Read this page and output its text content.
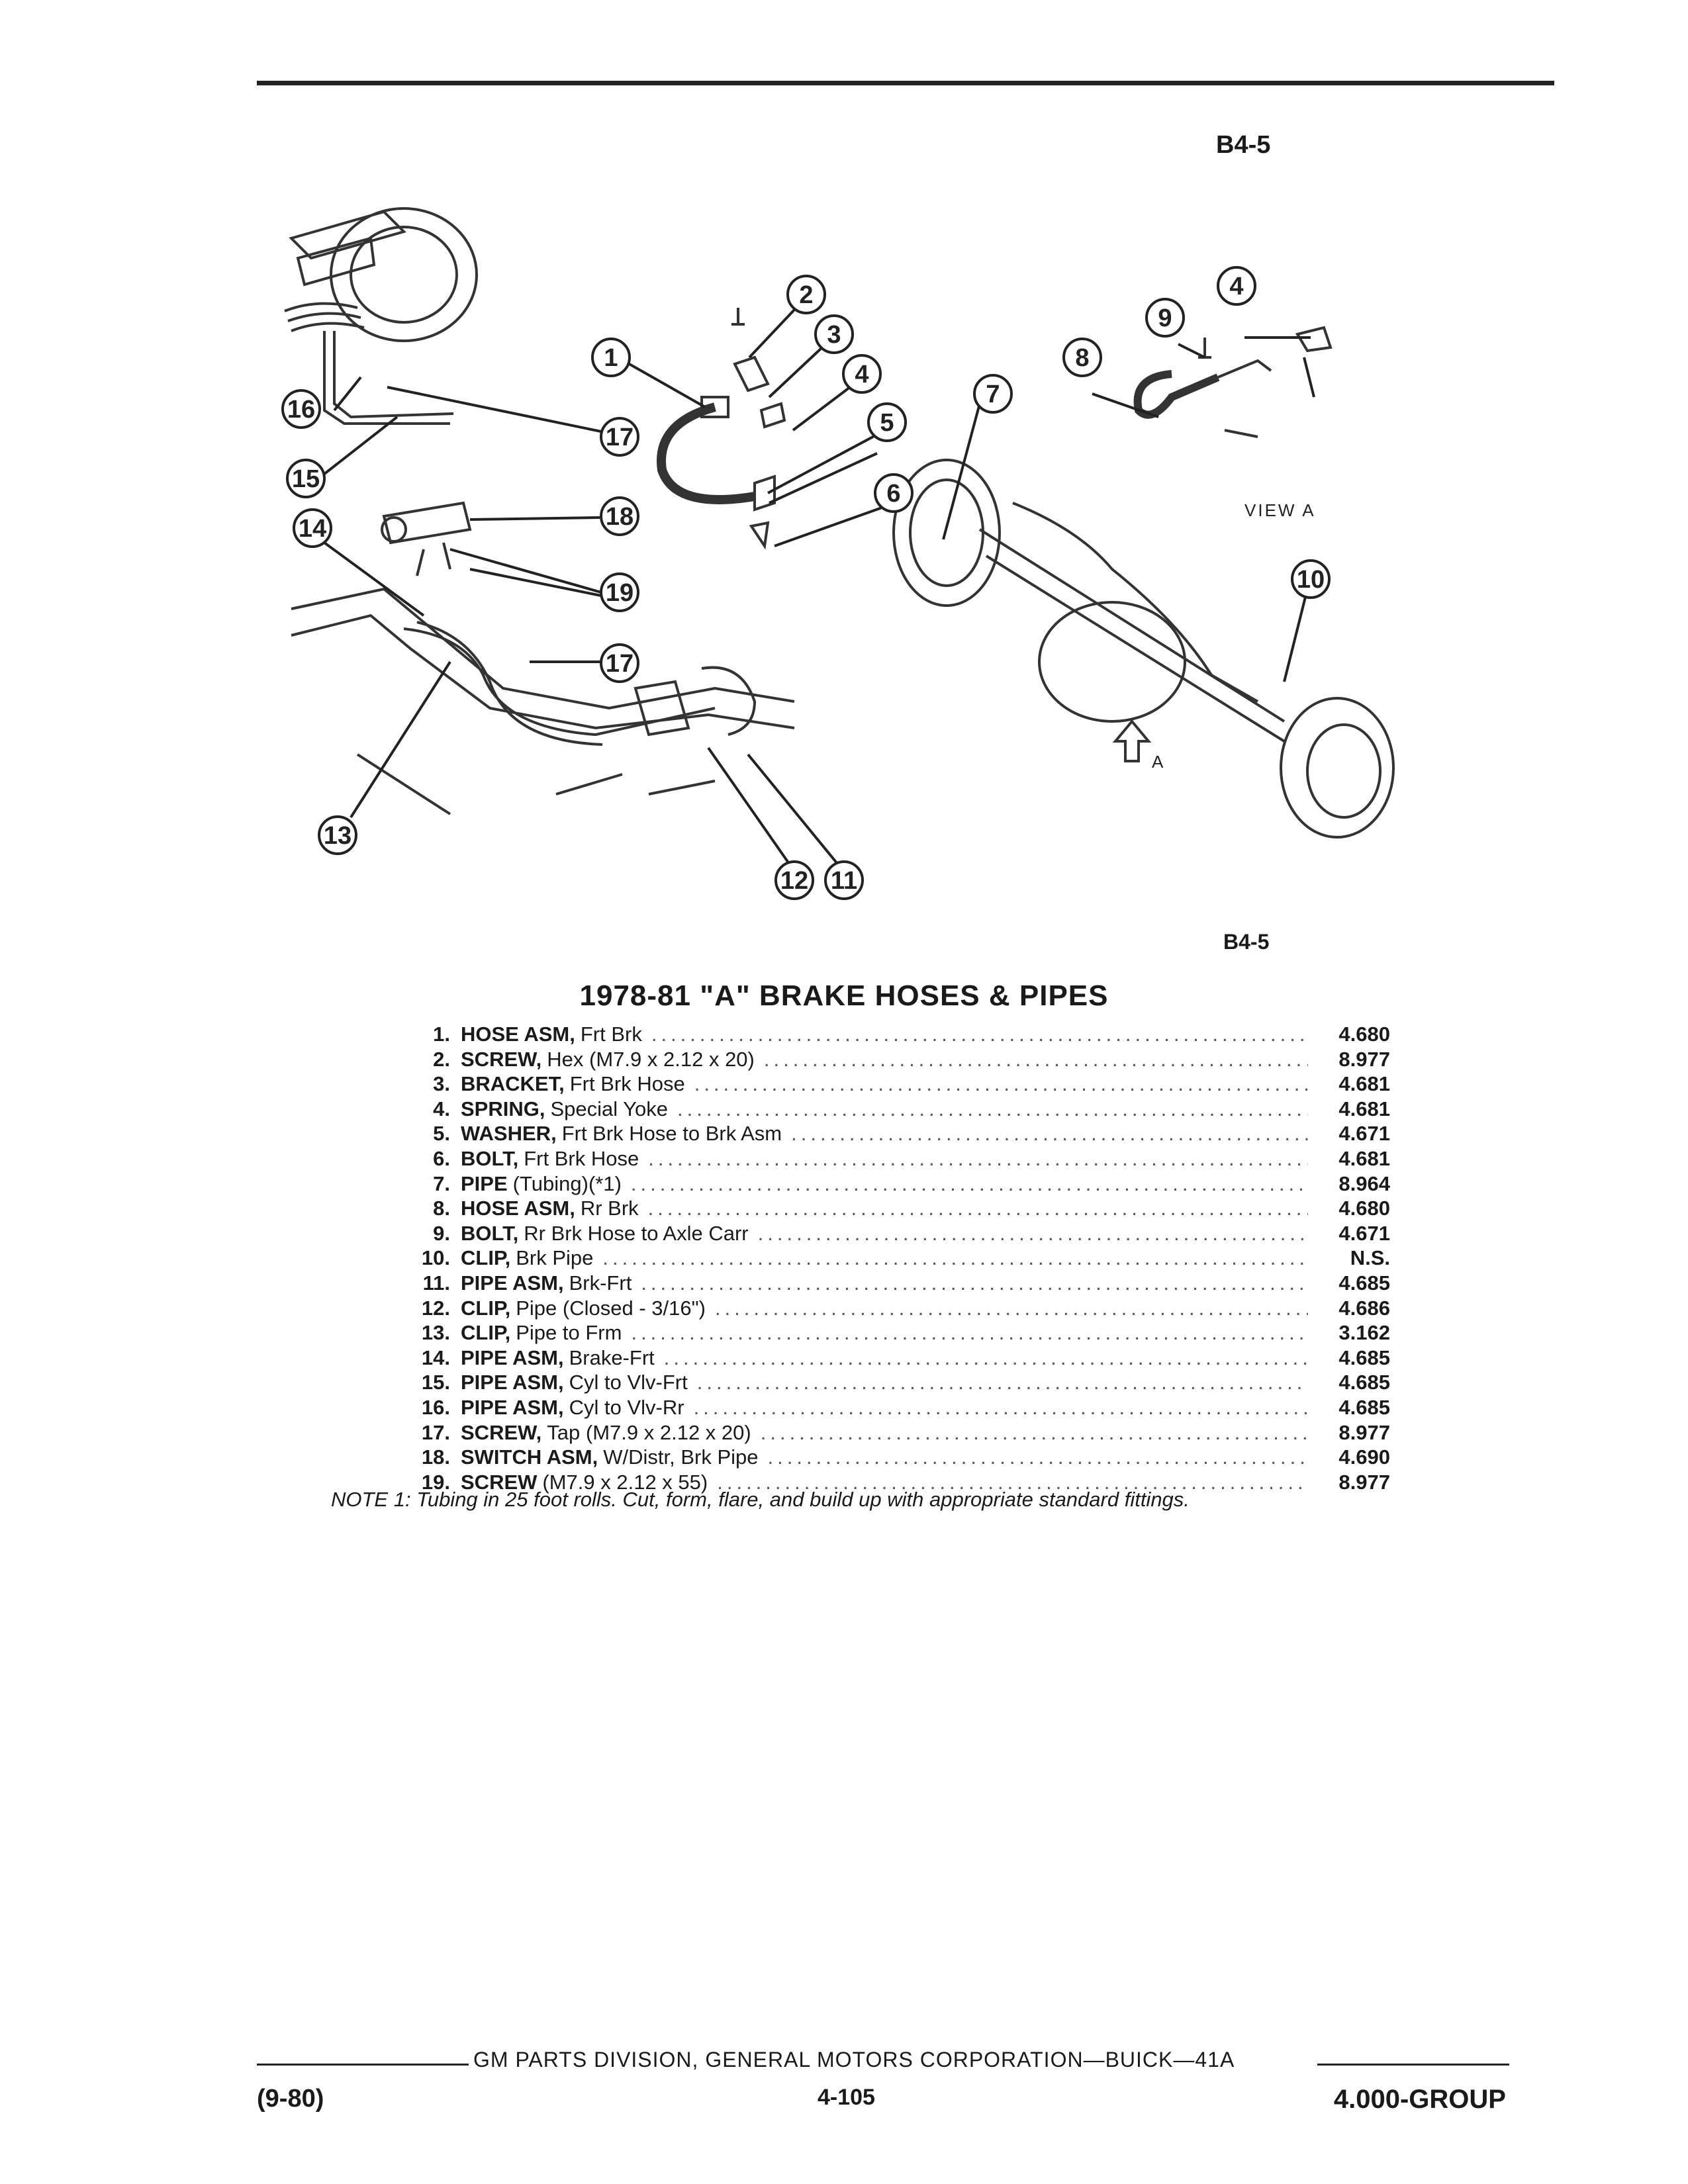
B4-5
VIEW A
A
1
2
3
4
5
6
7
8
9
4
10
11
12
13
14
15
16
17
18
19
17
B4-5
1978-81 "A" BRAKE HOSES & PIPES
1. HOSE ASM, Frt Brk .....	4.680
2. SCREW, Hex (M7.9 x 2.12 x 20) .....	8.977
3. BRACKET, Frt Brk Hose .....	4.681
4. SPRING, Special Yoke .....	4.681
5. WASHER, Frt Brk Hose to Brk Asm .....	4.671
6. BOLT, Frt Brk Hose .....	4.681
7. PIPE (Tubing)(*1) .....	8.964
8. HOSE ASM, Rr Brk .....	4.680
9. BOLT, Rr Brk Hose to Axle Carr .....	4.671
10. CLIP, Brk Pipe .....	N.S.
11. PIPE ASM, Brk-Frt .....	4.685
12. CLIP, Pipe (Closed - 3/16") .....	4.686
13. CLIP, Pipe to Frm .....	3.162
14. PIPE ASM, Brake-Frt .....	4.685
15. PIPE ASM, Cyl to Vlv-Frt .....	4.685
16. PIPE ASM, Cyl to Vlv-Rr .....	4.685
17. SCREW, Tap (M7.9 x 2.12 x 20) .....	8.977
18. SWITCH ASM, W/Distr, Brk Pipe .....	4.690
19. SCREW (M7.9 x 2.12 x 55) .....	8.977
NOTE 1: Tubing in 25 foot rolls. Cut, form, flare, and build up with appropriate standard fittings.
GM PARTS DIVISION, GENERAL MOTORS CORPORATION—BUICK—41A
(9-80)	4-105	4.000-GROUP
